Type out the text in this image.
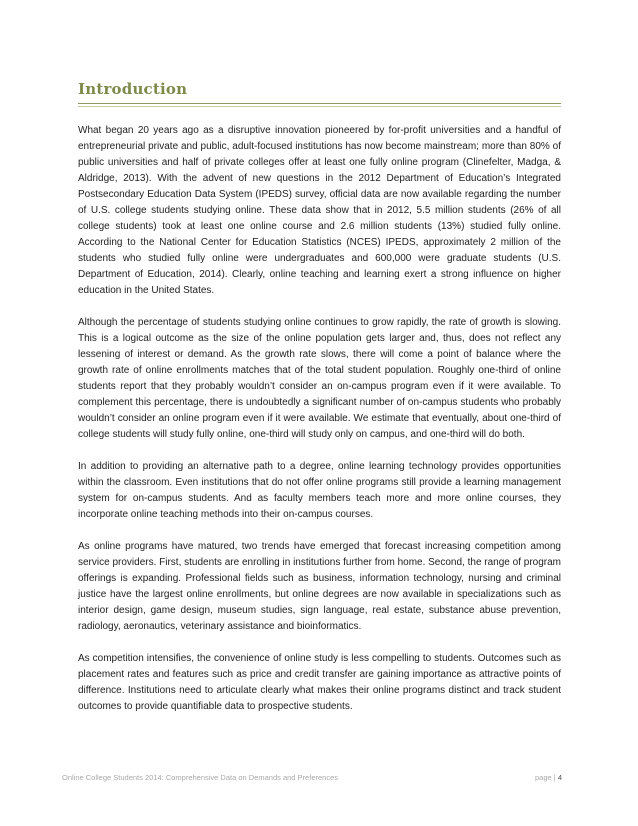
Introduction

What began 20 years ago as a disruptive innovation pioneered by for-profit universities and a handful of entrepreneurial private and public, adult-focused institutions has now become mainstream; more than 80% of public universities and half of private colleges offer at least one fully online program (Clinefelter, Madga, & Aldridge, 2013). With the advent of new questions in the 2012 Department of Education’s Integrated Postsecondary Education Data System (IPEDS) survey, official data are now available regarding the number of U.S. college students studying online. These data show that in 2012, 5.5 million students (26% of all college students) took at least one online course and 2.6 million students (13%) studied fully online. According to the National Center for Education Statistics (NCES) IPEDS, approximately 2 million of the students who studied fully online were undergraduates and 600,000 were graduate students (U.S. Department of Education, 2014). Clearly, online teaching and learning exert a strong influence on higher education in the United States.

Although the percentage of students studying online continues to grow rapidly, the rate of growth is slowing. This is a logical outcome as the size of the online population gets larger and, thus, does not reflect any lessening of interest or demand. As the growth rate slows, there will come a point of balance where the growth rate of online enrollments matches that of the total student population. Roughly one-third of online students report that they probably wouldn’t consider an on-campus program even if it were available. To complement this percentage, there is undoubtedly a significant number of on-campus students who probably wouldn’t consider an online program even if it were available. We estimate that eventually, about one-third of college students will study fully online, one-third will study only on campus, and one-third will do both.

In addition to providing an alternative path to a degree, online learning technology provides opportunities within the classroom. Even institutions that do not offer online programs still provide a learning management system for on-campus students. And as faculty members teach more and more online courses, they incorporate online teaching methods into their on-campus courses.

As online programs have matured, two trends have emerged that forecast increasing competition among service providers. First, students are enrolling in institutions further from home. Second, the range of program offerings is expanding. Professional fields such as business, information technology, nursing and criminal justice have the largest online enrollments, but online degrees are now available in specializations such as interior design, game design, museum studies, sign language, real estate, substance abuse prevention, radiology, aeronautics, veterinary assistance and bioinformatics.

As competition intensifies, the convenience of online study is less compelling to students. Outcomes such as placement rates and features such as price and credit transfer are gaining importance as attractive points of difference. Institutions need to articulate clearly what makes their online programs distinct and track student outcomes to provide quantifiable data to prospective students.

Online College Students 2014: Comprehensive Data on Demands and Preferences	page | 4
